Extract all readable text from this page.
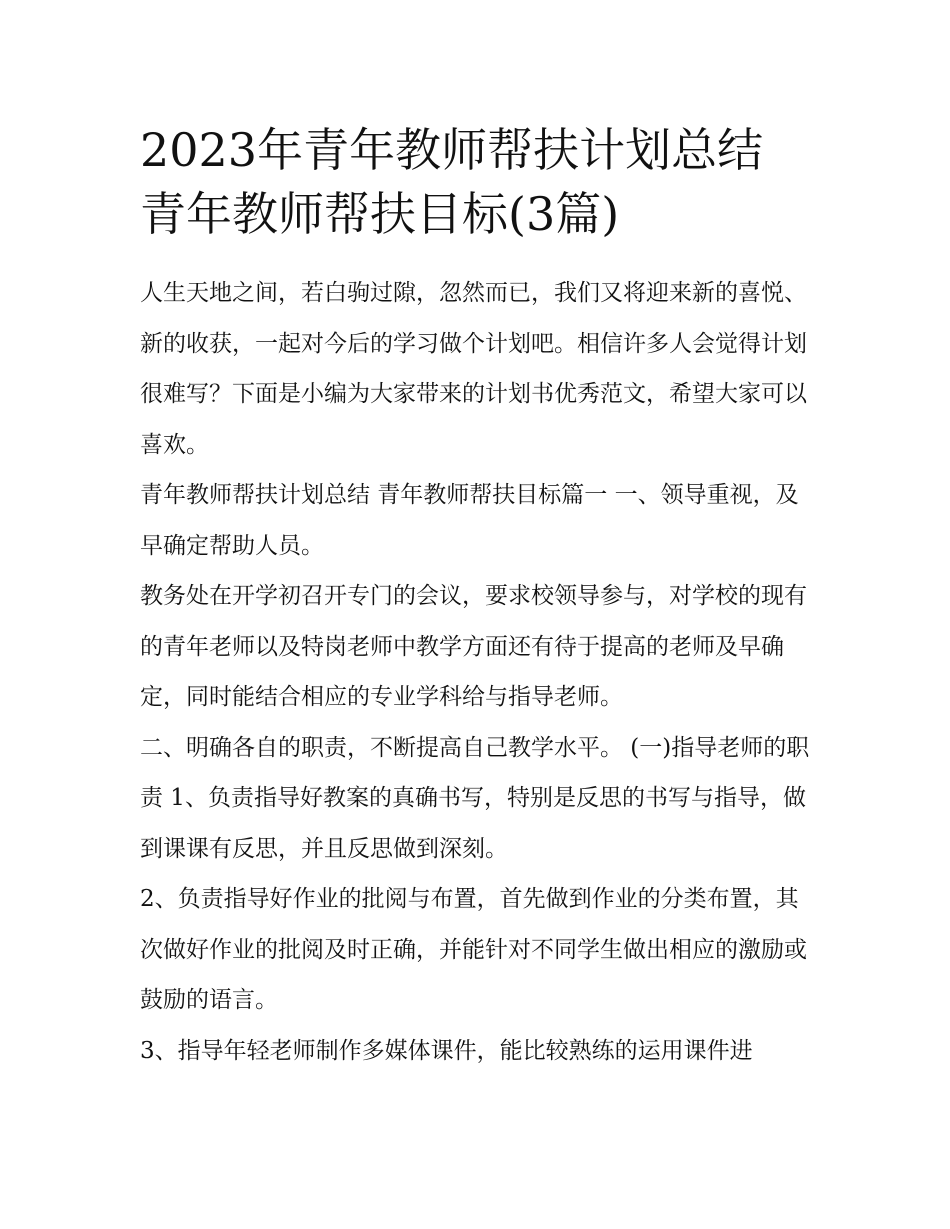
2023年青年教师帮扶计划总结
青年教师帮扶目标(3篇)

人生天地之间，若白驹过隙，忽然而已，我们又将迎来新的喜悦、新的收获，一起对今后的学习做个计划吧。相信许多人会觉得计划很难写？下面是小编为大家带来的计划书优秀范文，希望大家可以喜欢。

青年教师帮扶计划总结 青年教师帮扶目标篇一 一、领导重视，及早确定帮助人员。

教务处在开学初召开专门的会议，要求校领导参与，对学校的现有的青年老师以及特岗老师中教学方面还有待于提高的老师及早确定，同时能结合相应的专业学科给与指导老师。

二、明确各自的职责，不断提高自己教学水平。 (一)指导老师的职责 1、负责指导好教案的真确书写，特别是反思的书写与指导，做到课课有反思，并且反思做到深刻。

2、负责指导好作业的批阅与布置，首先做到作业的分类布置，其次做好作业的批阅及时正确，并能针对不同学生做出相应的激励或鼓励的语言。

3、指导年轻老师制作多媒体课件，能比较熟练的运用课件进
